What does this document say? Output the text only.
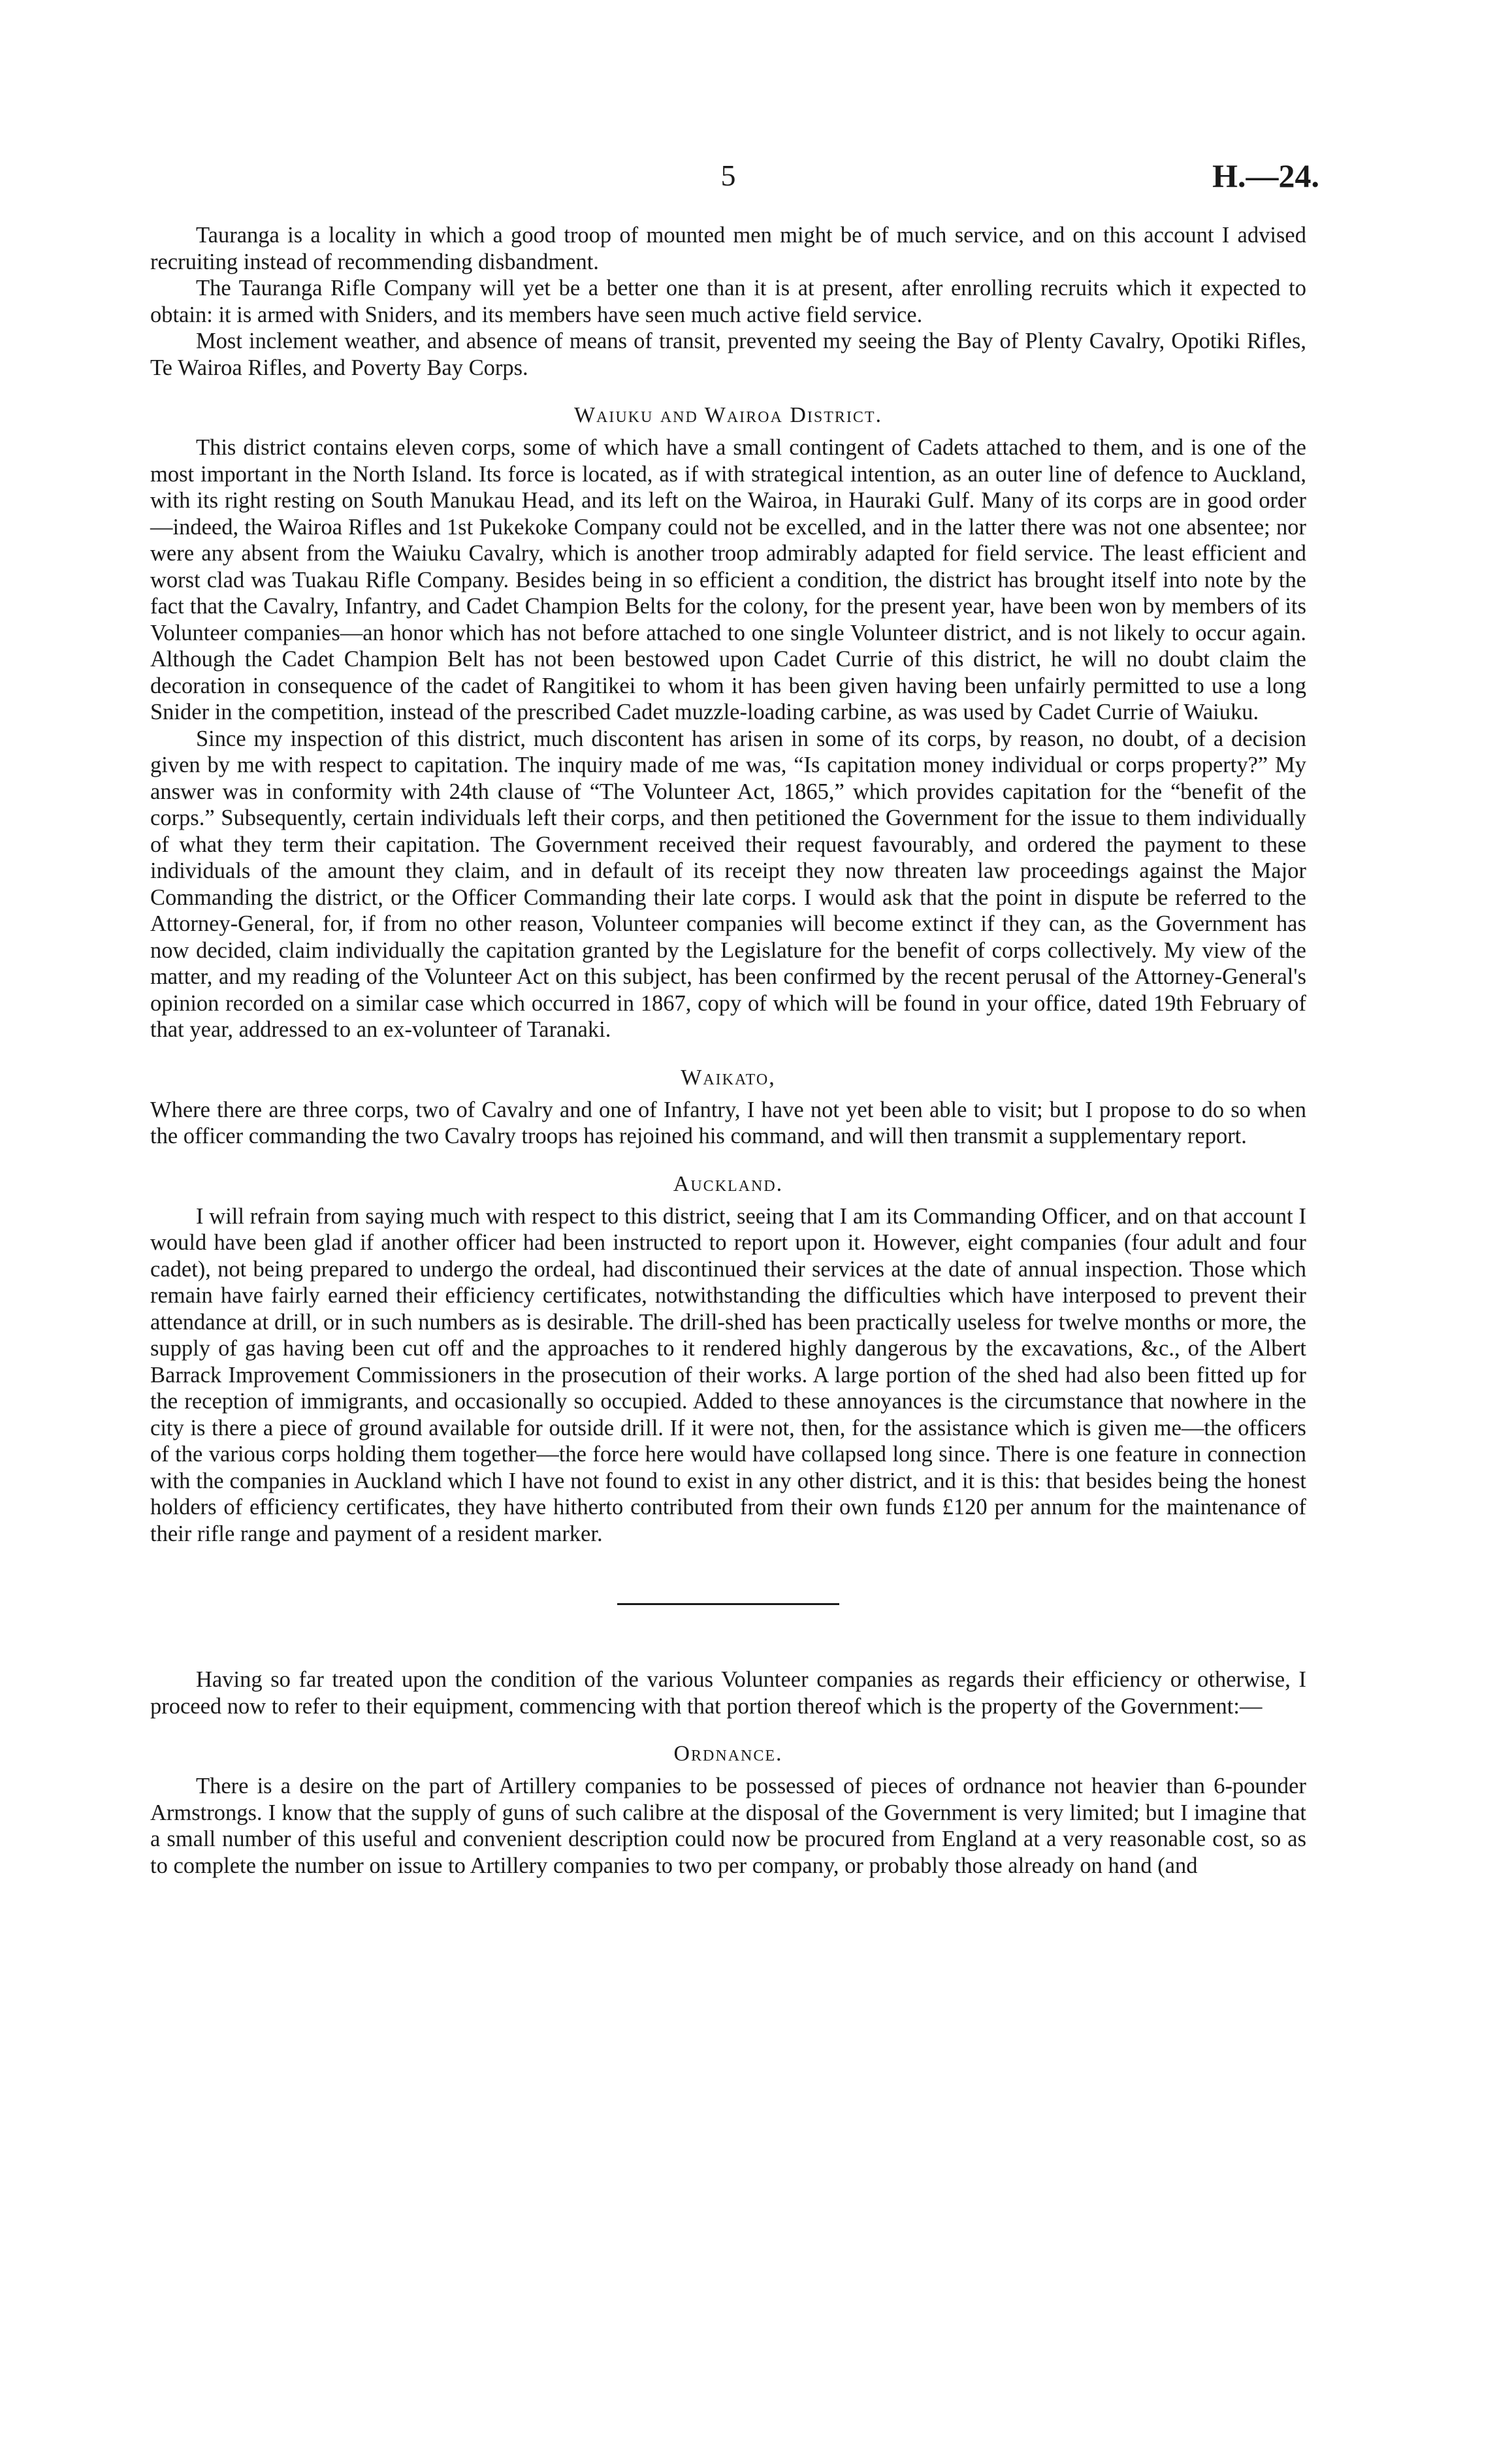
5	H.—24.

Tauranga is a locality in which a good troop of mounted men might be of much service, and on this account I advised recruiting instead of recommending disbandment.

The Tauranga Rifle Company will yet be a better one than it is at present, after enrolling recruits which it expected to obtain: it is armed with Sniders, and its members have seen much active field service.

Most inclement weather, and absence of means of transit, prevented my seeing the Bay of Plenty Cavalry, Opotiki Rifles, Te Wairoa Rifles, and Poverty Bay Corps.

Waiuku and Wairoa District.

This district contains eleven corps, some of which have a small contingent of Cadets attached to them, and is one of the most important in the North Island. Its force is located, as if with strategical intention, as an outer line of defence to Auckland, with its right resting on South Manukau Head, and its left on the Wairoa, in Hauraki Gulf. Many of its corps are in good order—indeed, the Wairoa Rifles and 1st Pukekoke Company could not be excelled, and in the latter there was not one absentee; nor were any absent from the Waiuku Cavalry, which is another troop admirably adapted for field service. The least efficient and worst clad was Tuakau Rifle Company. Besides being in so efficient a condition, the district has brought itself into note by the fact that the Cavalry, Infantry, and Cadet Champion Belts for the colony, for the present year, have been won by members of its Volunteer companies—an honor which has not before attached to one single Volunteer district, and is not likely to occur again. Although the Cadet Champion Belt has not been bestowed upon Cadet Currie of this district, he will no doubt claim the decoration in consequence of the cadet of Rangitikei to whom it has been given having been unfairly permitted to use a long Snider in the competition, instead of the prescribed Cadet muzzle-loading carbine, as was used by Cadet Currie of Waiuku.

Since my inspection of this district, much discontent has arisen in some of its corps, by reason, no doubt, of a decision given by me with respect to capitation. The inquiry made of me was, “Is capitation money individual or corps property?” My answer was in conformity with 24th clause of “The Volunteer Act, 1865,” which provides capitation for the “benefit of the corps.” Subsequently, certain individuals left their corps, and then petitioned the Government for the issue to them individually of what they term their capitation. The Government received their request favourably, and ordered the payment to these individuals of the amount they claim, and in default of its receipt they now threaten law proceedings against the Major Commanding the district, or the Officer Commanding their late corps. I would ask that the point in dispute be referred to the Attorney-General, for, if from no other reason, Volunteer companies will become extinct if they can, as the Government has now decided, claim individually the capitation granted by the Legislature for the benefit of corps collectively. My view of the matter, and my reading of the Volunteer Act on this subject, has been confirmed by the recent perusal of the Attorney-General's opinion recorded on a similar case which occurred in 1867, copy of which will be found in your office, dated 19th February of that year, addressed to an ex-volunteer of Taranaki.

Waikato,

Where there are three corps, two of Cavalry and one of Infantry, I have not yet been able to visit; but I propose to do so when the officer commanding the two Cavalry troops has rejoined his command, and will then transmit a supplementary report.

Auckland.

I will refrain from saying much with respect to this district, seeing that I am its Commanding Officer, and on that account I would have been glad if another officer had been instructed to report upon it. However, eight companies (four adult and four cadet), not being prepared to undergo the ordeal, had discontinued their services at the date of annual inspection. Those which remain have fairly earned their efficiency certificates, notwithstanding the difficulties which have interposed to prevent their attendance at drill, or in such numbers as is desirable. The drill-shed has been practically useless for twelve months or more, the supply of gas having been cut off and the approaches to it rendered highly dangerous by the excavations, &c., of the Albert Barrack Improvement Commissioners in the prosecution of their works. A large portion of the shed had also been fitted up for the reception of immigrants, and occasionally so occupied. Added to these annoyances is the circumstance that nowhere in the city is there a piece of ground available for outside drill. If it were not, then, for the assistance which is given me—the officers of the various corps holding them together—the force here would have collapsed long since. There is one feature in connection with the companies in Auckland which I have not found to exist in any other district, and it is this: that besides being the honest holders of efficiency certificates, they have hitherto contributed from their own funds £120 per annum for the maintenance of their rifle range and payment of a resident marker.

Having so far treated upon the condition of the various Volunteer companies as regards their efficiency or otherwise, I proceed now to refer to their equipment, commencing with that portion thereof which is the property of the Government:—

Ordnance.

There is a desire on the part of Artillery companies to be possessed of pieces of ordnance not heavier than 6-pounder Armstrongs. I know that the supply of guns of such calibre at the disposal of the Government is very limited; but I imagine that a small number of this useful and convenient description could now be procured from England at a very reasonable cost, so as to complete the number on issue to Artillery companies to two per company, or probably those already on hand (and
